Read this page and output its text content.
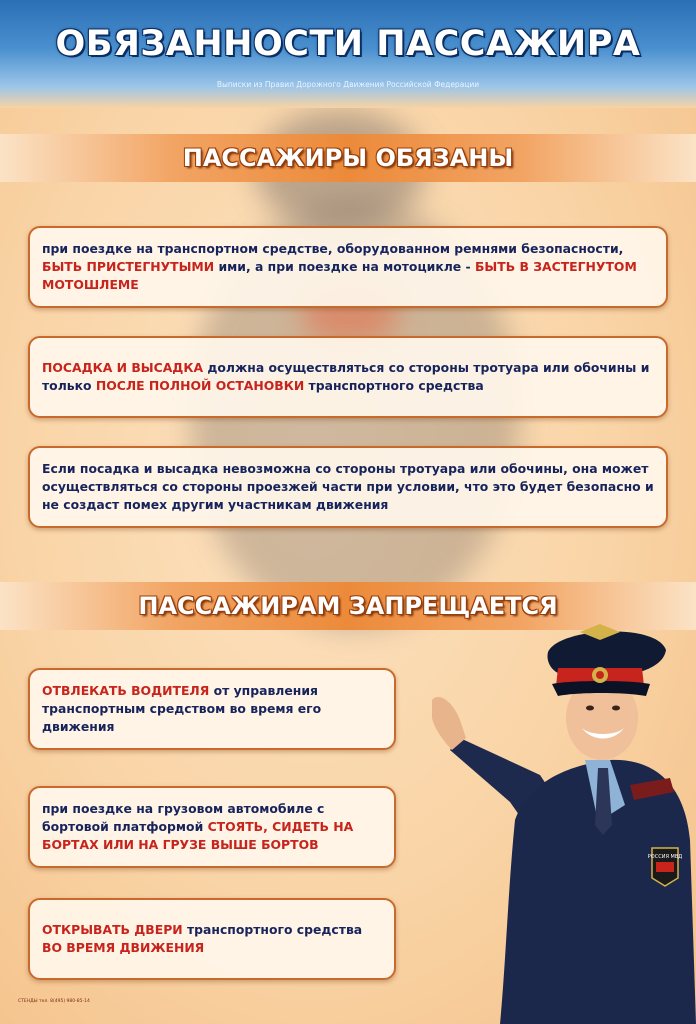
ОБЯЗАННОСТИ ПАССАЖИРА
Выписки из Правил Дорожного Движения Российской Федерации
ПАССАЖИРЫ ОБЯЗАНЫ
при поездке на транспортном средстве, оборудованном ремнями безопасности, БЫТЬ ПРИСТЕГНУТЫМИ ими, а при поездке на мотоцикле - БЫТЬ В ЗАСТЕГНУТОМ МОТОШЛЕМЕ
ПОСАДКА И ВЫСАДКА должна осуществляться со стороны тротуара или обочины и только ПОСЛЕ ПОЛНОЙ ОСТАНОВКИ транспортного средства
Если посадка и высадка невозможна со стороны тротуара или обочины, она может осуществляться со стороны проезжей части при условии, что это будет безопасно и не создаст помех другим участникам движения
ПАССАЖИРАМ ЗАПРЕЩАЕТСЯ
ОТВЛЕКАТЬ ВОДИТЕЛЯ от управления транспортным средством во время его движения
при поездке на грузовом автомобиле с бортовой платформой СТОЯТЬ, СИДЕТЬ НА БОРТАХ ИЛИ НА ГРУЗЕ ВЫШЕ БОРТОВ
ОТКРЫВАТЬ ДВЕРИ транспортного средства ВО ВРЕМЯ ДВИЖЕНИЯ
РОССИЯ МВД
СТЕНДЫ тел. 8(495) 980-85-14
